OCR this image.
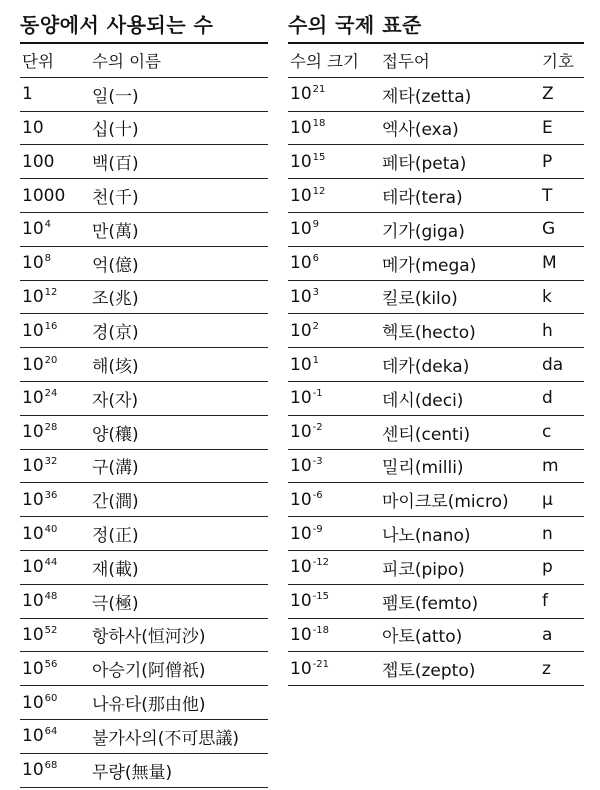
동양에서 사용되는 수
단위	수의 이름
1	일(一)
10	십(十)
100	백(百)
1000	천(千)
$10^4$	만(萬)
$10^8$	억(億)
$10^{12}$	조(兆)
$10^{16}$	경(京)
$10^{20}$	해(垓)
$10^{24}$	자(자)
$10^{28}$	양(穰)
$10^{32}$	구(溝)
$10^{36}$	간(澗)
$10^{40}$	정(正)
$10^{44}$	재(載)
$10^{48}$	극(極)
$10^{52}$	항하사(恒河沙)
$10^{56}$	아승기(阿僧祇)
$10^{60}$	나유타(那由他)
$10^{64}$	불가사의(不可思議)
$10^{68}$	무량(無量)
수의 국제 표준
수의 크기	접두어	기호
$10^{21}$	제타(zetta)	Z
$10^{18}$	엑사(exa)	E
$10^{15}$	페타(peta)	P
$10^{12}$	테라(tera)	T
$10^9$	기가(giga)	G
$10^6$	메가(mega)	M
$10^3$	킬로(kilo)	k
$10^2$	헥토(hecto)	h
$10^1$	데카(deka)	da
$10^{-1}$	데시(deci)	d
$10^{-2}$	센티(centi)	c
$10^{-3}$	밀리(milli)	m
$10^{-6}$	마이크로(micro)	μ
$10^{-9}$	나노(nano)	n
$10^{-12}$	피코(pipo)	p
$10^{-15}$	펨토(femto)	f
$10^{-18}$	아토(atto)	a
$10^{-21}$	젭토(zepto)	z
